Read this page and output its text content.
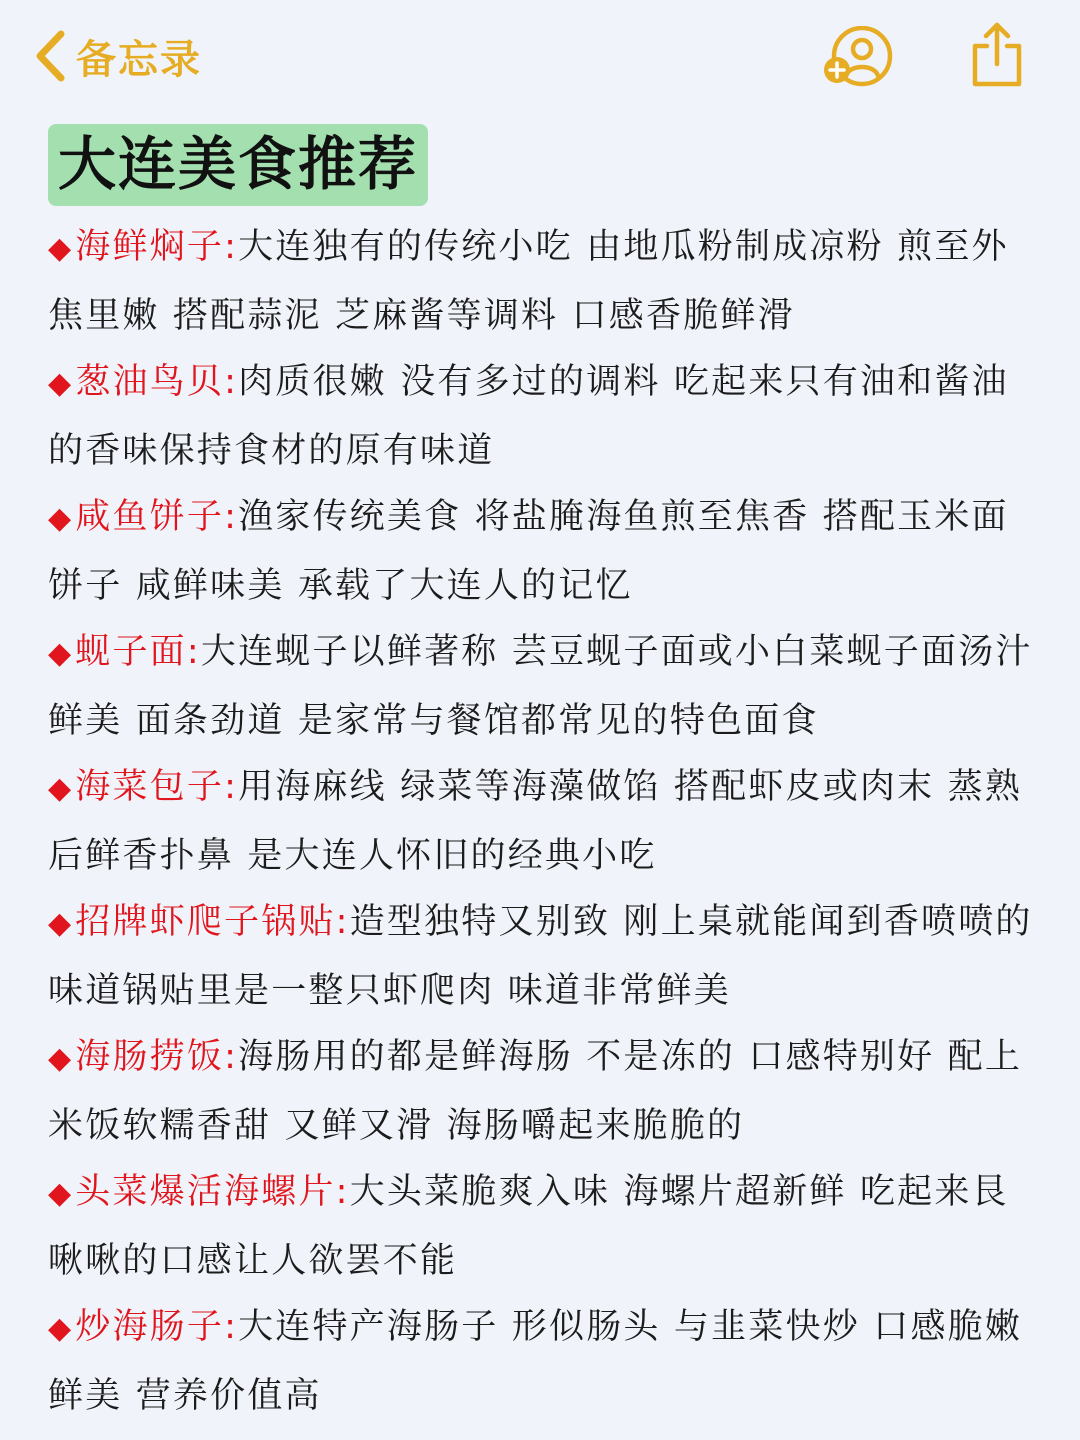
备忘录
大连美食推荐
◆海鲜焖子:大连独有的传统小吃 由地瓜粉制成凉粉 煎至外焦里嫩 搭配蒜泥 芝麻酱等调料 口感香脆鲜滑
◆葱油鸟贝:肉质很嫩 没有多过的调料 吃起来只有油和酱油的香味保持食材的原有味道
◆咸鱼饼子:渔家传统美食 将盐腌海鱼煎至焦香 搭配玉米面饼子 咸鲜味美 承载了大连人的记忆
◆蚬子面:大连蚬子以鲜著称 芸豆蚬子面或小白菜蚬子面汤汁鲜美 面条劲道 是家常与餐馆都常见的特色面食
◆海菜包子:用海麻线 绿菜等海藻做馅 搭配虾皮或肉末 蒸熟后鲜香扑鼻 是大连人怀旧的经典小吃
◆招牌虾爬子锅贴:造型独特又别致 刚上桌就能闻到香喷喷的味道锅贴里是一整只虾爬肉 味道非常鲜美
◆海肠捞饭:海肠用的都是鲜海肠 不是冻的 口感特别好 配上米饭软糯香甜 又鲜又滑 海肠嚼起来脆脆的
◆头菜爆活海螺片:大头菜脆爽入味 海螺片超新鲜 吃起来艮啾啾的口感让人欲罢不能
◆炒海肠子:大连特产海肠子 形似肠头 与韭菜快炒 口感脆嫩鲜美 营养价值高
